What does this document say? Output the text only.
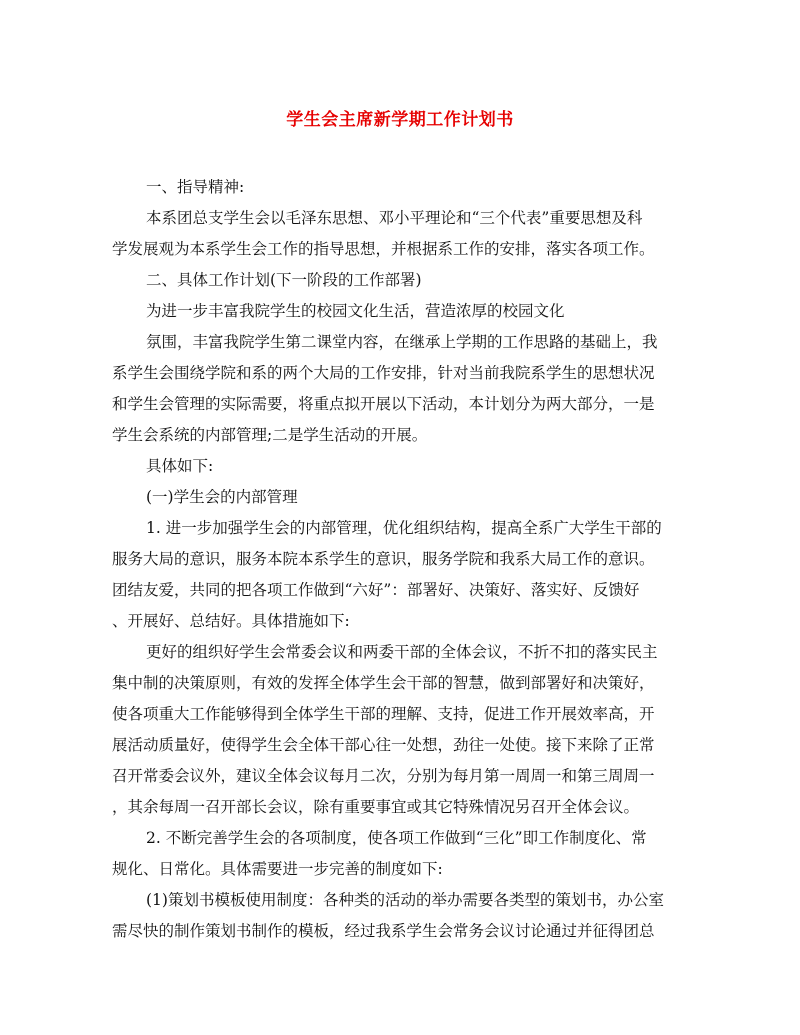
学生会主席新学期工作计划书
一、指导精神:
本系团总支学生会以毛泽东思想、邓小平理论和“三个代表”重要思想及科
学发展观为本系学生会工作的指导思想，并根据系工作的安排，落实各项工作。
二、具体工作计划(下一阶段的工作部署)
为进一步丰富我院学生的校园文化生活，营造浓厚的校园文化
氛围，丰富我院学生第二课堂内容，在继承上学期的工作思路的基础上，我
系学生会围绕学院和系的两个大局的工作安排，针对当前我院系学生的思想状况
和学生会管理的实际需要，将重点拟开展以下活动，本计划分为两大部分，一是
学生会系统的内部管理;二是学生活动的开展。
具体如下:
(一)学生会的内部管理
1. 进一步加强学生会的内部管理，优化组织结构，提高全系广大学生干部的
服务大局的意识，服务本院本系学生的意识，服务学院和我系大局工作的意识。
团结友爱，共同的把各项工作做到“六好”：部署好、决策好、落实好、反馈好
、开展好、总结好。具体措施如下:
更好的组织好学生会常委会议和两委干部的全体会议，不折不扣的落实民主
集中制的决策原则，有效的发挥全体学生会干部的智慧，做到部署好和决策好，
使各项重大工作能够得到全体学生干部的理解、支持，促进工作开展效率高，开
展活动质量好，使得学生会全体干部心往一处想，劲往一处使。接下来除了正常
召开常委会议外，建议全体会议每月二次，分别为每月第一周周一和第三周周一
，其余每周一召开部长会议，除有重要事宜或其它特殊情况另召开全体会议。
2. 不断完善学生会的各项制度，使各项工作做到“三化”即工作制度化、常
规化、日常化。具体需要进一步完善的制度如下:
(1)策划书模板使用制度：各种类的活动的举办需要各类型的策划书，办公室
需尽快的制作策划书制作的模板，经过我系学生会常务会议讨论通过并征得团总
